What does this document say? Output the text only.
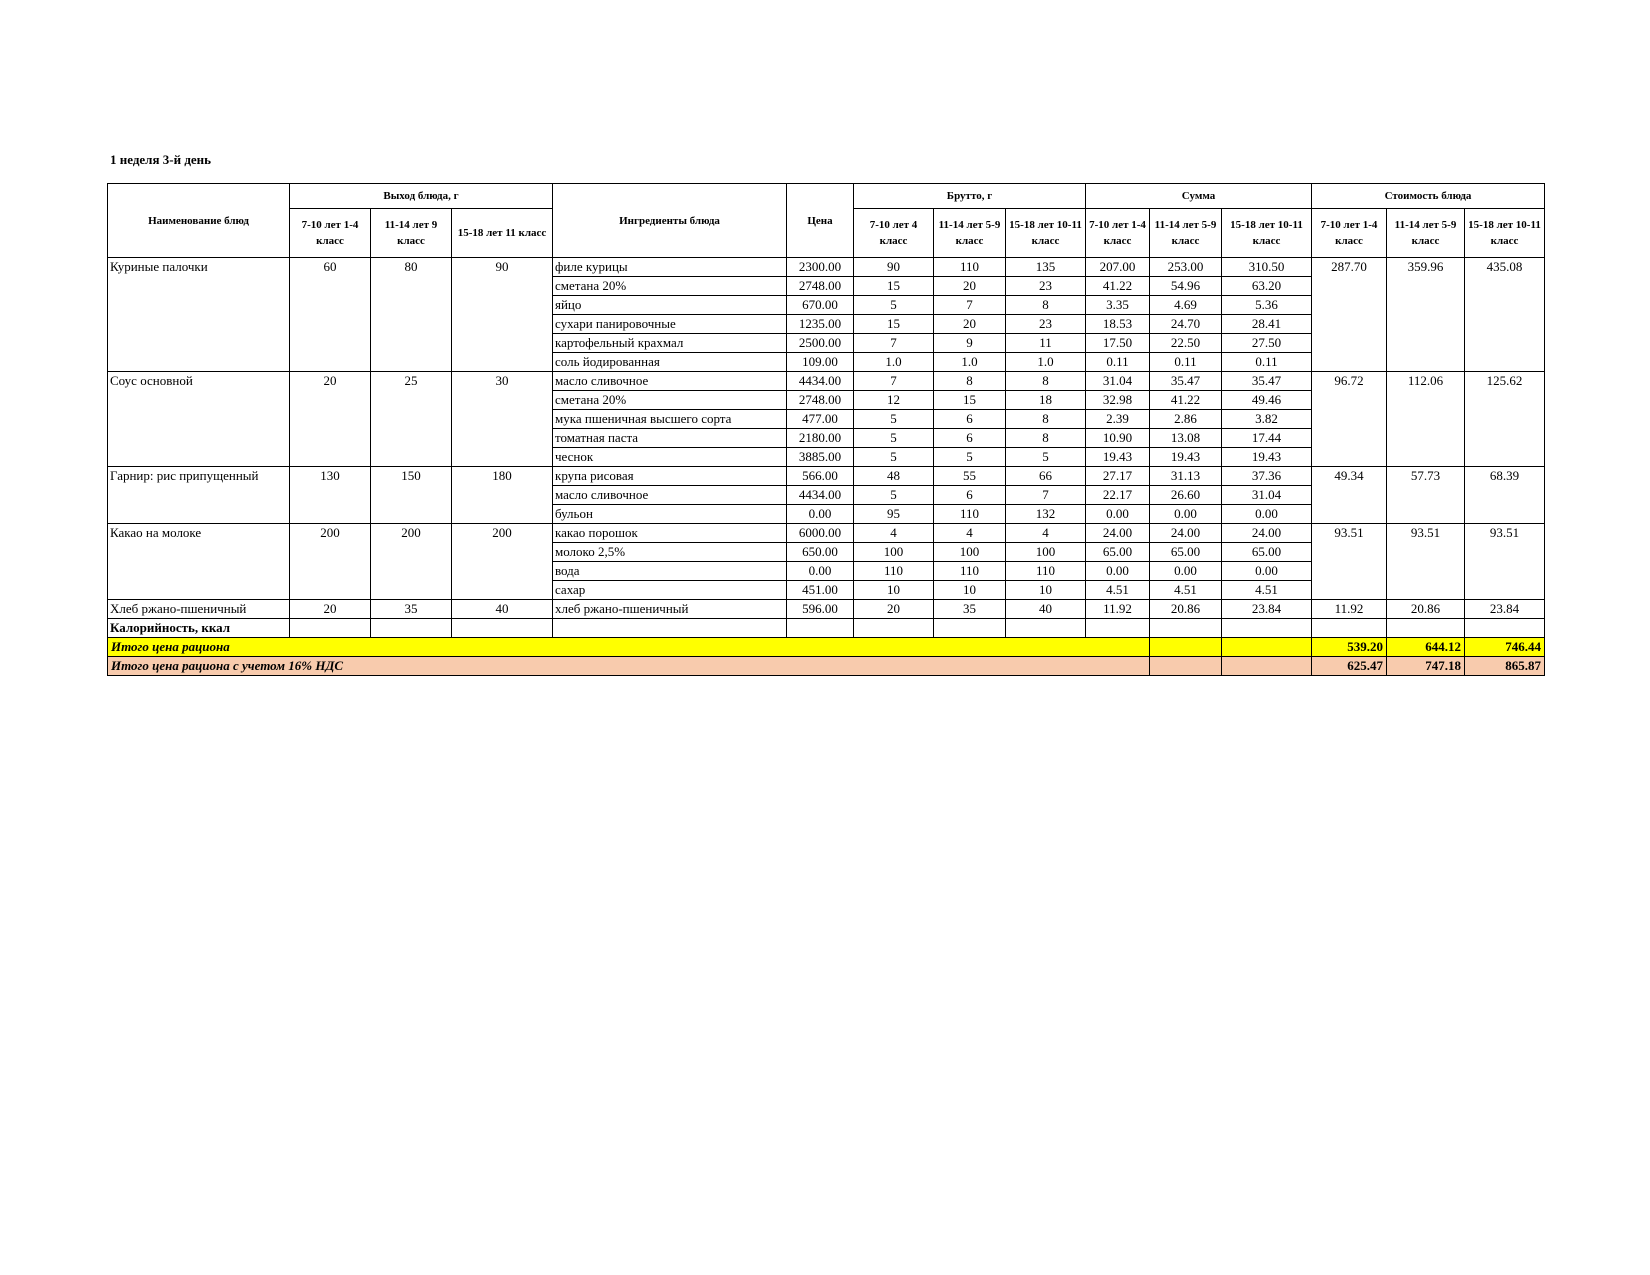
1 неделя 3-й день
Наименование блюд	Выход блюда, г			Ингредиенты блюда	Цена	Брутто, г			Сумма			Стоимость блюда		
	7-10 лет 1-4 класс	11-14 лет 9 класс	15-18 лет 11 класс			7-10 лет 4 класс	11-14 лет 5-9 класс	15-18 лет 10-11 класс	7-10 лет 1-4 класс	11-14 лет 5-9 класс	15-18 лет 10-11 класс	7-10 лет 1-4 класс	11-14 лет 5-9 класс	15-18 лет 10-11 класс
Куриные палочки	60	80	90	филе курицы	2300.00	90	110	135	207.00	253.00	310.50	287.70	359.96	435.08
				сметана 20%	2748.00	15	20	23	41.22	54.96	63.20			
				яйцо	670.00	5	7	8	3.35	4.69	5.36			
				сухари панировочные	1235.00	15	20	23	18.53	24.70	28.41			
				картофельный крахмал	2500.00	7	9	11	17.50	22.50	27.50			
				соль йодированная	109.00	1.0	1.0	1.0	0.11	0.11	0.11			
Соус основной	20	25	30	масло сливочное	4434.00	7	8	8	31.04	35.47	35.47	96.72	112.06	125.62
				сметана 20%	2748.00	12	15	18	32.98	41.22	49.46			
				мука пшеничная высшего сорта	477.00	5	6	8	2.39	2.86	3.82			
				томатная паста	2180.00	5	6	8	10.90	13.08	17.44			
				чеснок	3885.00	5	5	5	19.43	19.43	19.43			
Гарнир: рис припущенный	130	150	180	крупа рисовая	566.00	48	55	66	27.17	31.13	37.36	49.34	57.73	68.39
				масло сливочное	4434.00	5	6	7	22.17	26.60	31.04			
				бульон	0.00	95	110	132	0.00	0.00	0.00			
Какао на молоке	200	200	200	какао порошок	6000.00	4	4	4	24.00	24.00	24.00	93.51	93.51	93.51
				молоко 2,5%	650.00	100	100	100	65.00	65.00	65.00			
				вода	0.00	110	110	110	0.00	0.00	0.00			
				сахар	451.00	10	10	10	4.51	4.51	4.51			
Хлеб ржано-пшеничный	20	35	40	хлеб ржано-пшеничный	596.00	20	35	40	11.92	20.86	23.84	11.92	20.86	23.84
Калорийность, ккал														
Итого цена рациона												539.20	644.12	746.44
Итого цена рациона с учетом 16% НДС												625.47	747.18	865.87
